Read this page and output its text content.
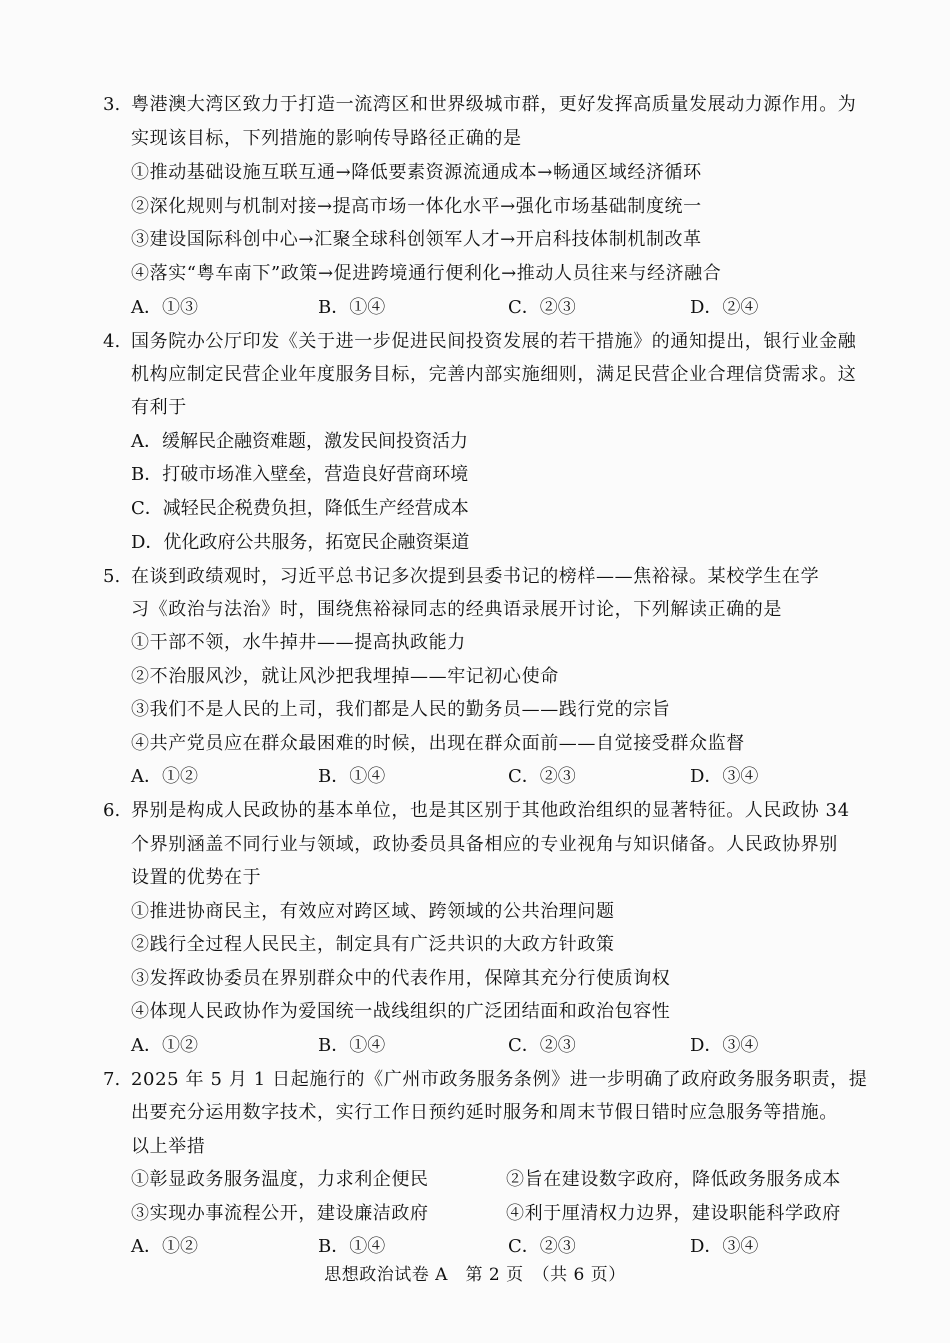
3. 粤港澳大湾区致力于打造一流湾区和世界级城市群，更好发挥高质量发展动力源作用。为
实现该目标，下列措施的影响传导路径正确的是
①推动基础设施互联互通→降低要素资源流通成本→畅通区域经济循环
②深化规则与机制对接→提高市场一体化水平→强化市场基础制度统一
③建设国际科创中心→汇聚全球科创领军人才→开启科技体制机制改革
④落实“粤车南下”政策→促进跨境通行便利化→推动人员往来与经济融合
A．①③	B．①④	C．②③	D．②④
4. 国务院办公厅印发《关于进一步促进民间投资发展的若干措施》的通知提出，银行业金融
机构应制定民营企业年度服务目标，完善内部实施细则，满足民营企业合理信贷需求。这
有利于
A．缓解民企融资难题，激发民间投资活力
B．打破市场准入壁垒，营造良好营商环境
C．减轻民企税费负担，降低生产经营成本
D．优化政府公共服务，拓宽民企融资渠道
5. 在谈到政绩观时，习近平总书记多次提到县委书记的榜样——焦裕禄。某校学生在学
习《政治与法治》时，围绕焦裕禄同志的经典语录展开讨论，下列解读正确的是
①干部不领，水牛掉井——提高执政能力
②不治服风沙，就让风沙把我埋掉——牢记初心使命
③我们不是人民的上司，我们都是人民的勤务员——践行党的宗旨
④共产党员应在群众最困难的时候，出现在群众面前——自觉接受群众监督
A．①②	B．①④	C．②③	D．③④
6. 界别是构成人民政协的基本单位，也是其区别于其他政治组织的显著特征。人民政协 34
个界别涵盖不同行业与领域，政协委员具备相应的专业视角与知识储备。人民政协界别
设置的优势在于
①推进协商民主，有效应对跨区域、跨领域的公共治理问题
②践行全过程人民民主，制定具有广泛共识的大政方针政策
③发挥政协委员在界别群众中的代表作用，保障其充分行使质询权
④体现人民政协作为爱国统一战线组织的广泛团结面和政治包容性
A．①②	B．①④	C．②③	D．③④
7. 2025 年 5 月 1 日起施行的《广州市政务服务条例》进一步明确了政府政务服务职责，提
出要充分运用数字技术，实行工作日预约延时服务和周末节假日错时应急服务等措施。
以上举措
①彰显政务服务温度，力求利企便民	②旨在建设数字政府，降低政务服务成本
③实现办事流程公开，建设廉洁政府	④利于厘清权力边界，建设职能科学政府
A．①②	B．①④	C．②③	D．③④
思想政治试卷 A　第 2 页　（共 6 页）
